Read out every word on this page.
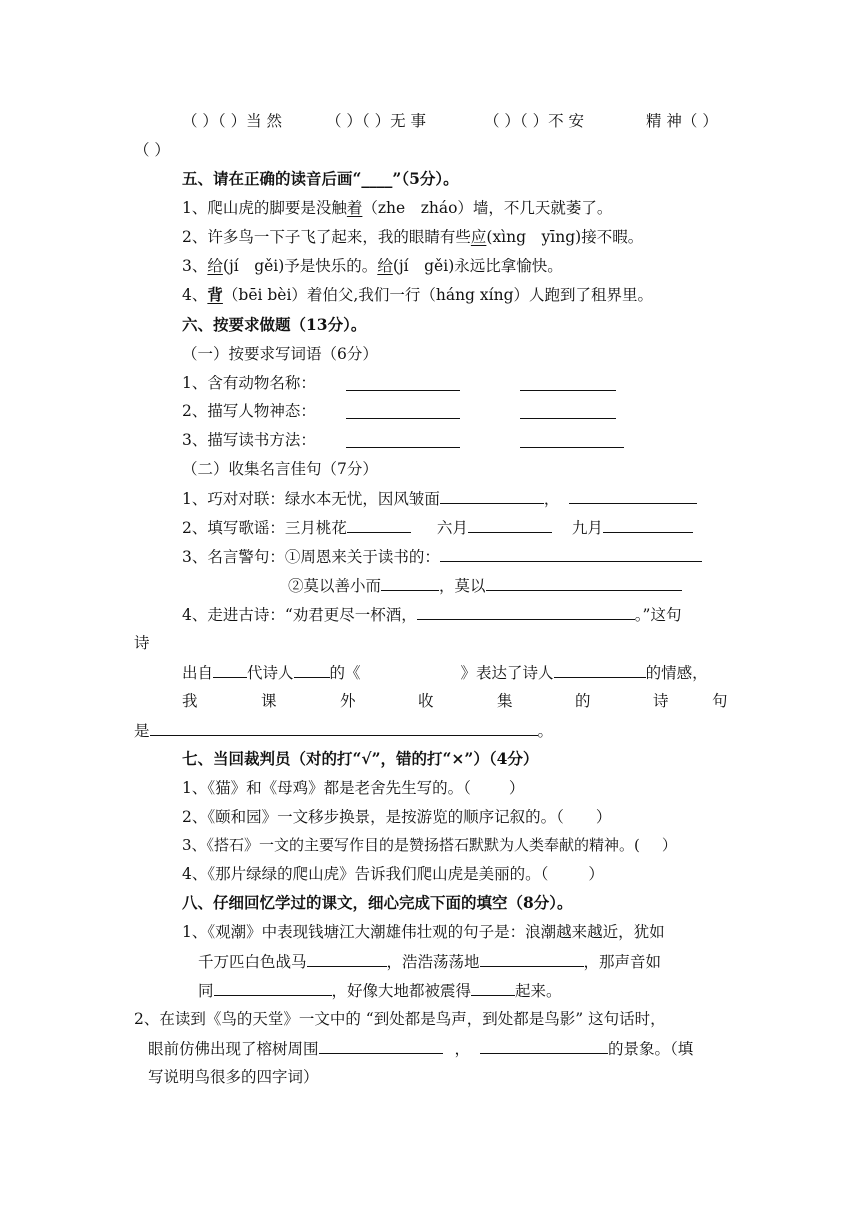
（ ）（ ）当 然	（ ）（ ）无 事	（ ）（ ）不 安	精 神（ ）
（ ）
五、请在正确的读音后画“____”（5分）。
1、爬山虎的脚要是没触着（zhe　zháo）墙，不几天就萎了。
2、许多鸟一下子飞了起来，我的眼睛有些应(xìng　yīng)接不暇。
3、给(jí　gěi)予是快乐的。给(jí　gěi)永远比拿愉快。
4、背（bēi bèi）着伯父,我们一行（háng xíng）人跑到了租界里。
六、按要求做题（13分）。
（一）按要求写词语（6分）
1、含有动物名称：
2、描写人物神态：
3、描写读书方法：
（二）收集名言佳句（7分）
1、巧对对联：绿水本无忧，因风皱面	，
2、填写歌谣：三月桃花	六月	九月
3、名言警句：①周恩来关于读书的：
②莫以善小而	，莫以
4、走进古诗：“劝君更尽一杯酒，	。”这句
诗
出自 代诗人 的《	》表达了诗人	的情感，
我	课	外	收	集	的	诗	句
是	。
七、当回裁判员（对的打“√”，错的打“×”）（4分）
1、《猫》和《母鸡》都是老舍先生写的。（ ）
2、《颐和园》一文移步换景，是按游览的顺序记叙的。（ ）
3、《搭石》一文的主要写作目的是赞扬搭石默默为人类奉献的精神。( ）
4、《那片绿绿的爬山虎》告诉我们爬山虎是美丽的。（	）
八、仔细回忆学过的课文，细心完成下面的填空（8分）。
1、《观潮》中表现钱塘江大潮雄伟壮观的句子是：浪潮越来越近，犹如
千万匹白色战马	，浩浩荡荡地	，那声音如
同	，好像大地都被震得	起来。
2、在读到《鸟的天堂》一文中的 “到处都是鸟声，到处都是鸟影” 这句话时，
眼前仿佛出现了榕树周围	，	的景象。（填
写说明鸟很多的四字词）
